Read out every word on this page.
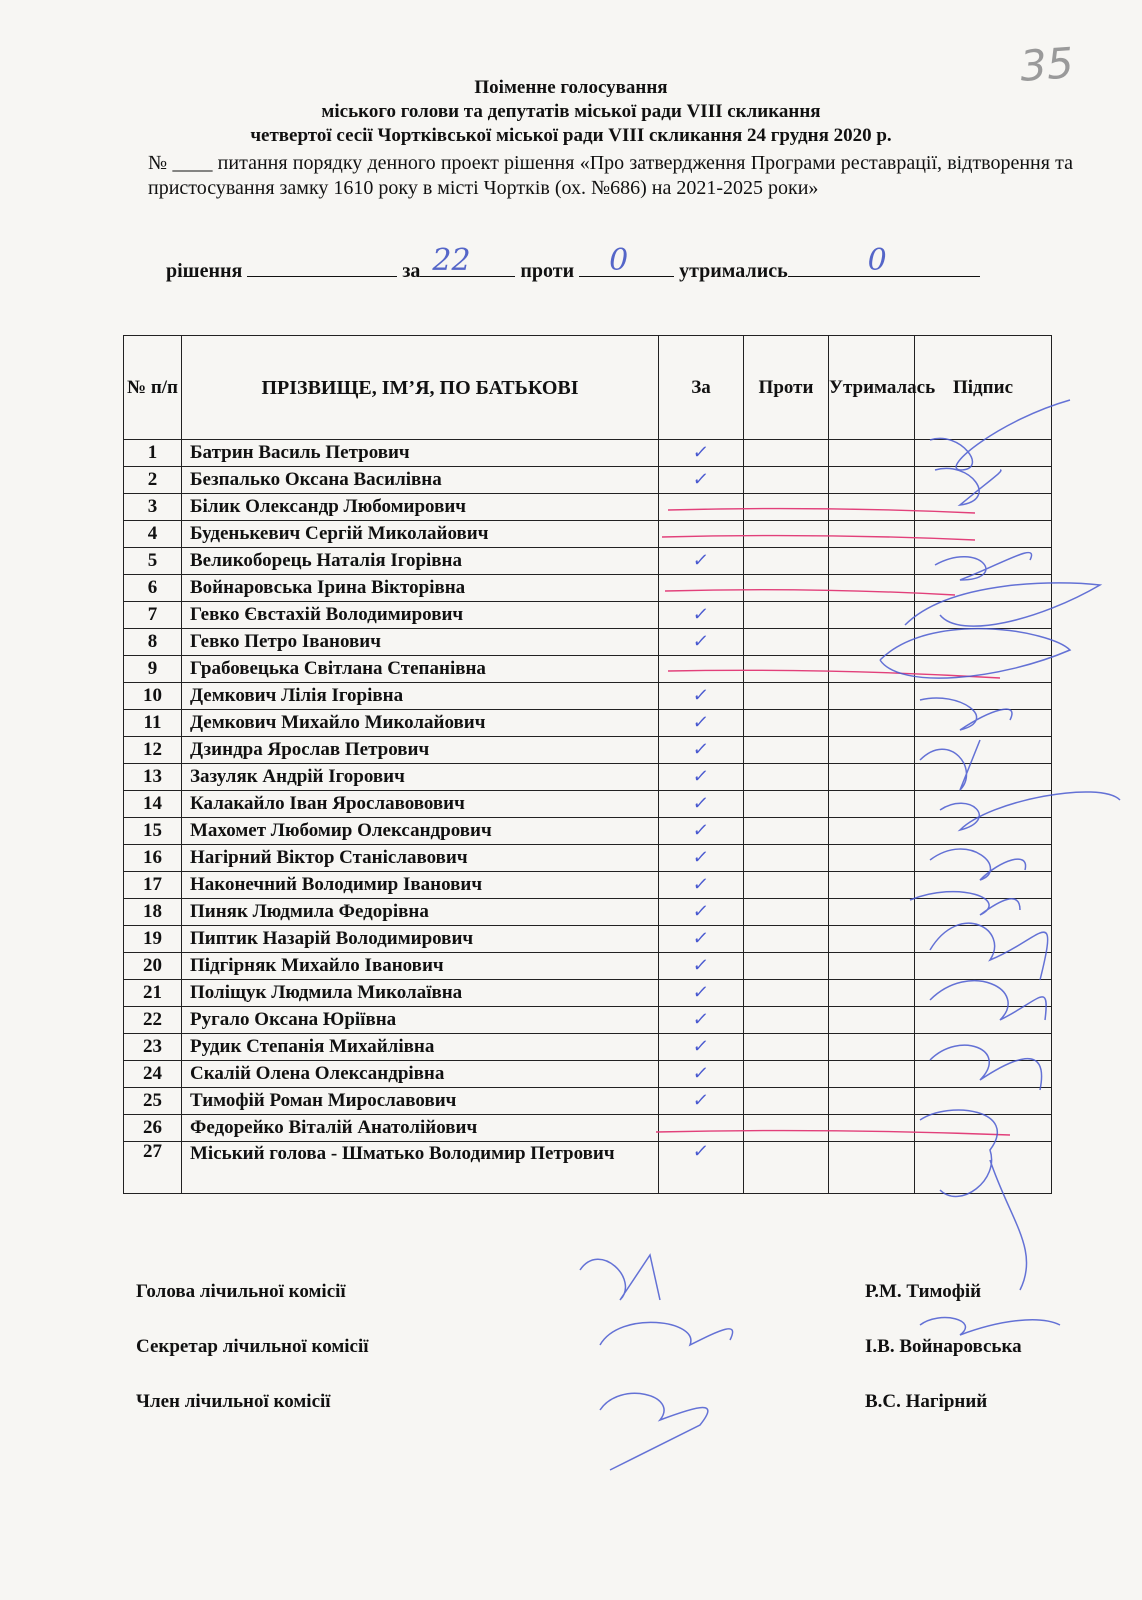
35
Поіменне голосування
міського голови та депутатів міської ради VIII скликання
четвертої сесії Чортківської міської ради VIII скликання 24 грудня 2020 р.
№ ____ питання порядку денного проект рішення «Про затвердження Програми реставрації, відтворення та пристосування замку 1610 року в місті Чортків (ох. №686) на 2021-2025 роки»
рішення	за 22 проти 0	утримались	0
№ п/п	ПРІЗВИЩЕ, ІМ’Я, ПО БАТЬКОВІ	За	Проти	Утрималась	Підпис
1	Батрин Василь Петрович	✓			
2	Безпалько Оксана Василівна	✓			
3	Білик Олександр Любомирович				
4	Буденькевич Сергій Миколайович				
5	Великоборець Наталія Ігорівна	✓			
6	Войнаровська Ірина Вікторівна				
7	Гевко Євстахій Володимирович	✓			
8	Гевко Петро Іванович	✓			
9	Грабовецька Світлана Степанівна				
10	Демкович Лілія Ігорівна	✓			
11	Демкович Михайло Миколайович	✓			
12	Дзиндра Ярослав Петрович	✓			
13	Зазуляк Андрій Ігорович	✓			
14	Калакайло Іван Ярославовович	✓			
15	Махомет Любомир Олександрович	✓			
16	Нагірний Віктор Станіславович	✓			
17	Наконечний Володимир Іванович	✓			
18	Пиняк Людмила Федорівна	✓			
19	Пиптик Назарій Володимирович	✓			
20	Підгірняк Михайло Іванович	✓			
21	Поліщук Людмила Миколаївна	✓			
22	Ругало Оксана Юріївна	✓			
23	Рудик Степанія Михайлівна	✓			
24	Скалій Олена Олександрівна	✓			
25	Тимофій Роман Мирославович	✓			
26	Федорейко Віталій Анатолійович				
27	Міський голова - Шматько Володимир Петрович	✓			
Голова лічильної комісії	Р.М. Тимофій
Секретар лічильної комісії	І.В. Войнаровська
Член лічильної комісії	В.С. Нагірний
